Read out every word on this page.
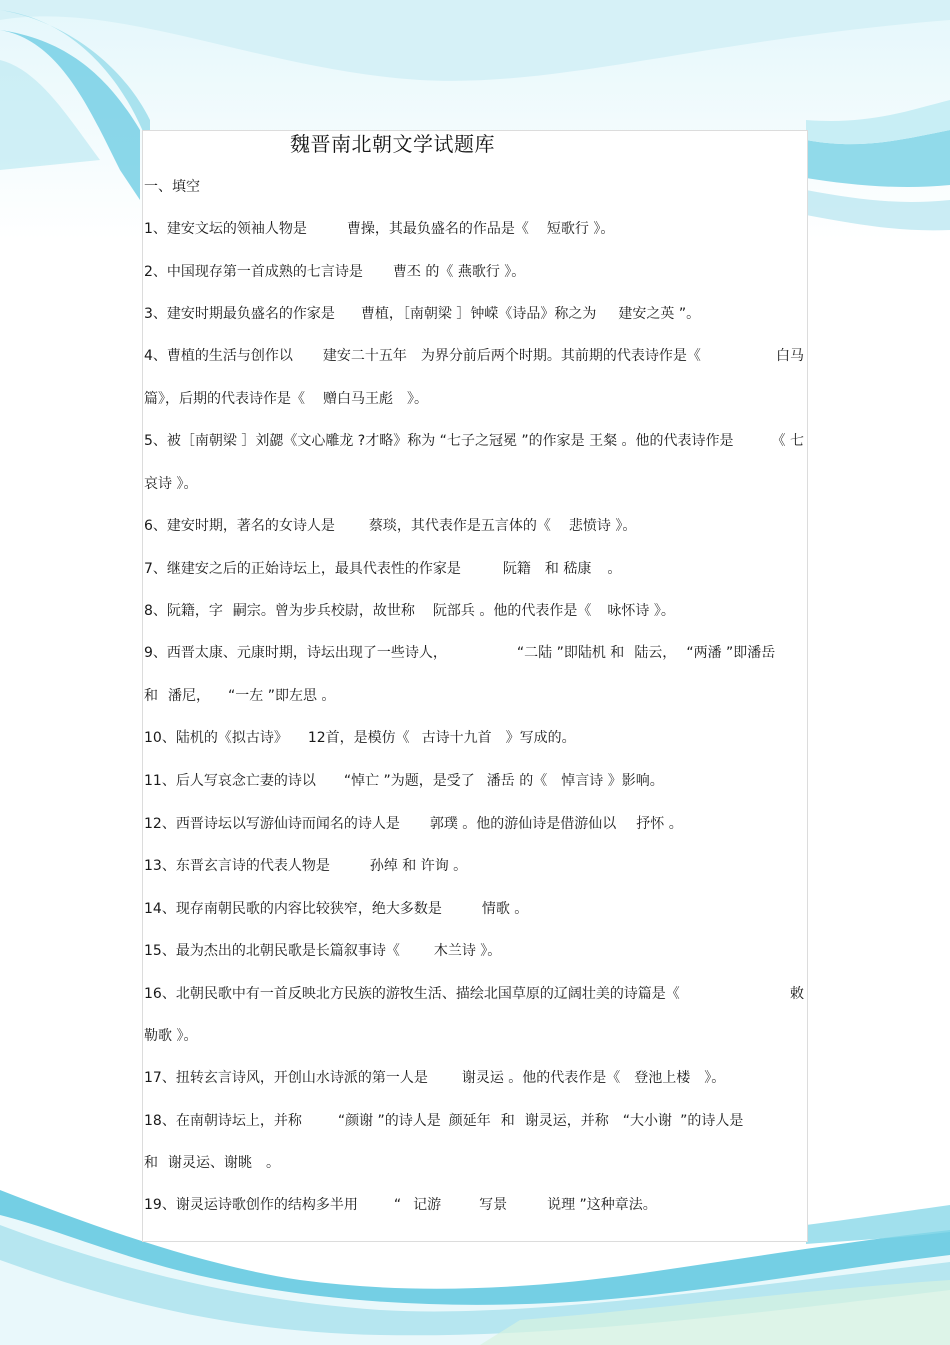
魏晋南北朝文学试题库
一、填空
1、建安文坛的领袖人物是	曹操，其最负盛名的作品是《 短歌行 》。
2、中国现存第一首成熟的七言诗是 曹丕 的《 燕歌行 》。
3、建安时期最负盛名的作家是 曹植，［南朝梁 ］钟嵘《诗品》称之为 建安之英 ”。
4、曹植的生活与创作以 建安二十五年 为界分前后两个时期。其前期的代表诗作是《	白马
篇》，后期的代表诗作是《 赠白马王彪 》。
5、被［南朝梁 ］刘勰《文心雕龙 ?才略》称为 “七子之冠冕 ”的作家是 王粲 。他的代表诗作是	《 七
哀诗 》。
6、建安时期，著名的女诗人是 蔡琰，其代表作是五言体的《 悲愤诗 》。
7、继建安之后的正始诗坛上，最具代表性的作家是	阮籍 和 嵇康 。
8、阮籍，字 嗣宗。曾为步兵校尉，故世称 阮部兵 。他的代表作是《 咏怀诗 》。
9、西晋太康、元康时期，诗坛出现了一些诗人，	“二陆 ”即陆机 和 陆云， “两潘 ”即潘岳
和 潘尼， “一左 ”即左思 。
10、陆机的《拟古诗》 12首，是模仿《 古诗十九首 》写成的。
11、后人写哀念亡妻的诗以 “悼亡 ”为题，是受了 潘岳 的《 悼言诗 》影响。
12、西晋诗坛以写游仙诗而闻名的诗人是 郭璞 。他的游仙诗是借游仙以 抒怀 。
13、东晋玄言诗的代表人物是	孙绰 和 许询 。
14、现存南朝民歌的内容比较狭窄，绝大多数是	情歌 。
15、最为杰出的北朝民歌是长篇叙事诗《 木兰诗 》。
16、北朝民歌中有一首反映北方民族的游牧生活、描绘北国草原的辽阔壮美的诗篇是《	敕
勒歌 》。
17、扭转玄言诗风，开创山水诗派的第一人是 谢灵运 。他的代表作是《 登池上楼 》。
18、在南朝诗坛上，并称	“颜谢 ”的诗人是 颜延年 和 谢灵运，并称 “大小谢 ”的诗人是
和 谢灵运、谢眺 。
19、谢灵运诗歌创作的结构多半用	“ 记游	写景	说理 ”这种章法。
